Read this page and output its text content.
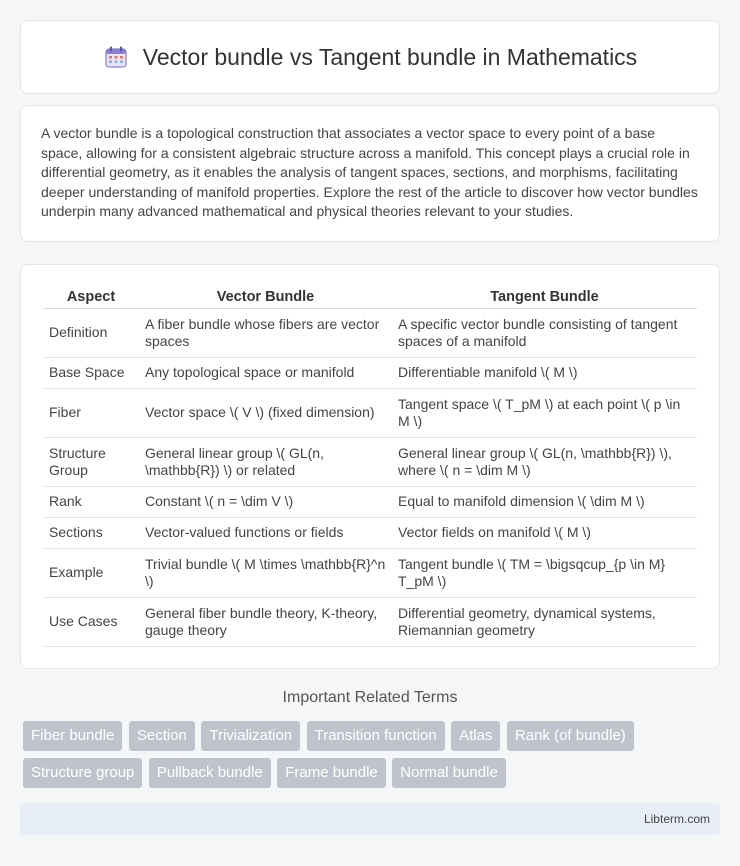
Vector bundle vs Tangent bundle in Mathematics

A vector bundle is a topological construction that associates a vector space to every point of a base space, allowing for a consistent algebraic structure across a manifold. This concept plays a crucial role in differential geometry, as it enables the analysis of tangent spaces, sections, and morphisms, facilitating deeper understanding of manifold properties. Explore the rest of the article to discover how vector bundles underpin many advanced mathematical and physical theories relevant to your studies.

Aspect	Vector Bundle	Tangent Bundle
Definition	A fiber bundle whose fibers are vector spaces	A specific vector bundle consisting of tangent spaces of a manifold
Base Space	Any topological space or manifold	Differentiable manifold \( M \)
Fiber	Vector space \( V \) (fixed dimension)	Tangent space \( T_pM \) at each point \( p \in M \)
Structure Group	General linear group \( GL(n, \mathbb{R}) \) or related	General linear group \( GL(n, \mathbb{R}) \), where \( n = \dim M \)
Rank	Constant \( n = \dim V \)	Equal to manifold dimension \( \dim M \)
Sections	Vector-valued functions or fields	Vector fields on manifold \( M \)
Example	Trivial bundle \( M \times \mathbb{R}^n \)	Tangent bundle \( TM = \bigsqcup_{p \in M} T_pM \)
Use Cases	General fiber bundle theory, K-theory, gauge theory	Differential geometry, dynamical systems, Riemannian geometry
Important Related Terms
Fiber bundle Section Trivialization Transition function Atlas Rank (of bundle)
Structure group Pullback bundle Frame bundle Normal bundle
Libterm.com
